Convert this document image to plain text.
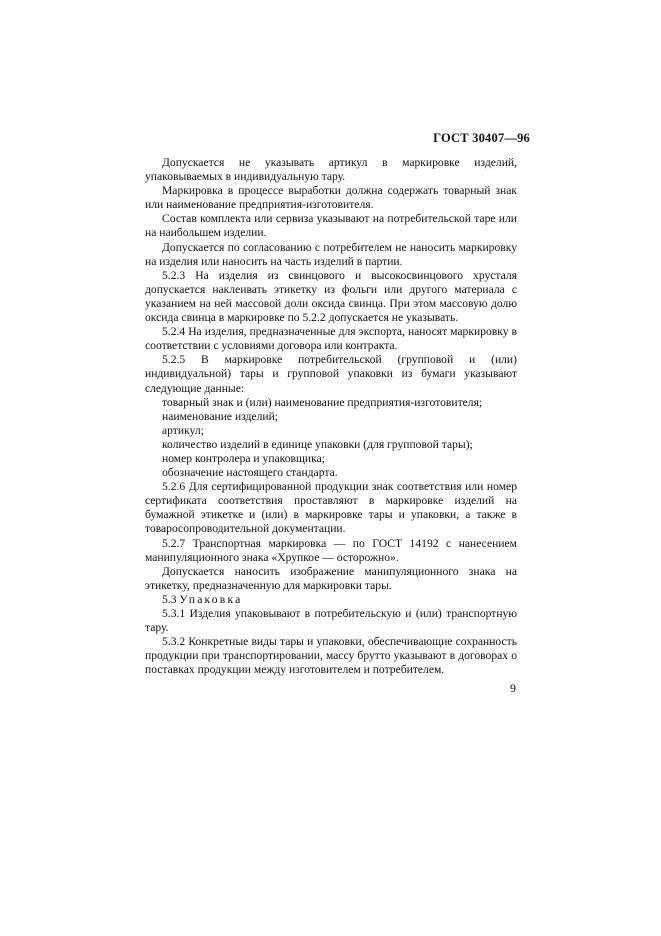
ГОСТ 30407—96

Допускается не указывать артикул в маркировке изделий, упаковываемых в индивидуальную тару.

Маркировка в процессе выработки должна содержать товарный знак или наименование предприятия-изготовителя.

Состав комплекта или сервиза указывают на потребительской таре или на наибольшем изделии.

Допускается по согласованию с потребителем не наносить маркировку на изделия или наносить на часть изделий в партии.

5.2.3 На изделия из свинцового и высокосвинцового хрусталя допускается наклеивать этикетку из фольги или другого материала с указанием на ней массовой доли оксида свинца. При этом массовую долю оксида свинца в маркировке по 5.2.2 допускается не указывать.

5.2.4 На изделия, предназначенные для экспорта, наносят маркировку в соответствии с условиями договора или контракта.

5.2.5 В маркировке потребительской (групповой и (или) индивидуальной) тары и групповой упаковки из бумаги указывают следующие данные:

товарный знак и (или) наименование предприятия-изготовителя;

наименование изделий;

артикул;

количество изделий в единице упаковки (для групповой тары);

номер контролера и упаковщика;

обозначение настоящего стандарта.

5.2.6 Для сертифицированной продукции знак соответствия или номер сертификата соответствия проставляют в маркировке изделий на бумажной этикетке и (или) в маркировке тары и упаковки, а также в товаросопроводительной документации.

5.2.7 Транспортная маркировка — по ГОСТ 14192 с нанесением манипуляционного знака «Хрупкое — осторожно».

Допускается наносить изображение манипуляционного знака на этикетку, предназначенную для маркировки тары.

5.3 Упаковка

5.3.1 Изделия упаковывают в потребительскую и (или) транспортную тару.

5.3.2 Конкретные виды тары и упаковки, обеспечивающие сохранность продукции при транспортировании, массу брутто указывают в договорах о поставках продукции между изготовителем и потребителем.

9
